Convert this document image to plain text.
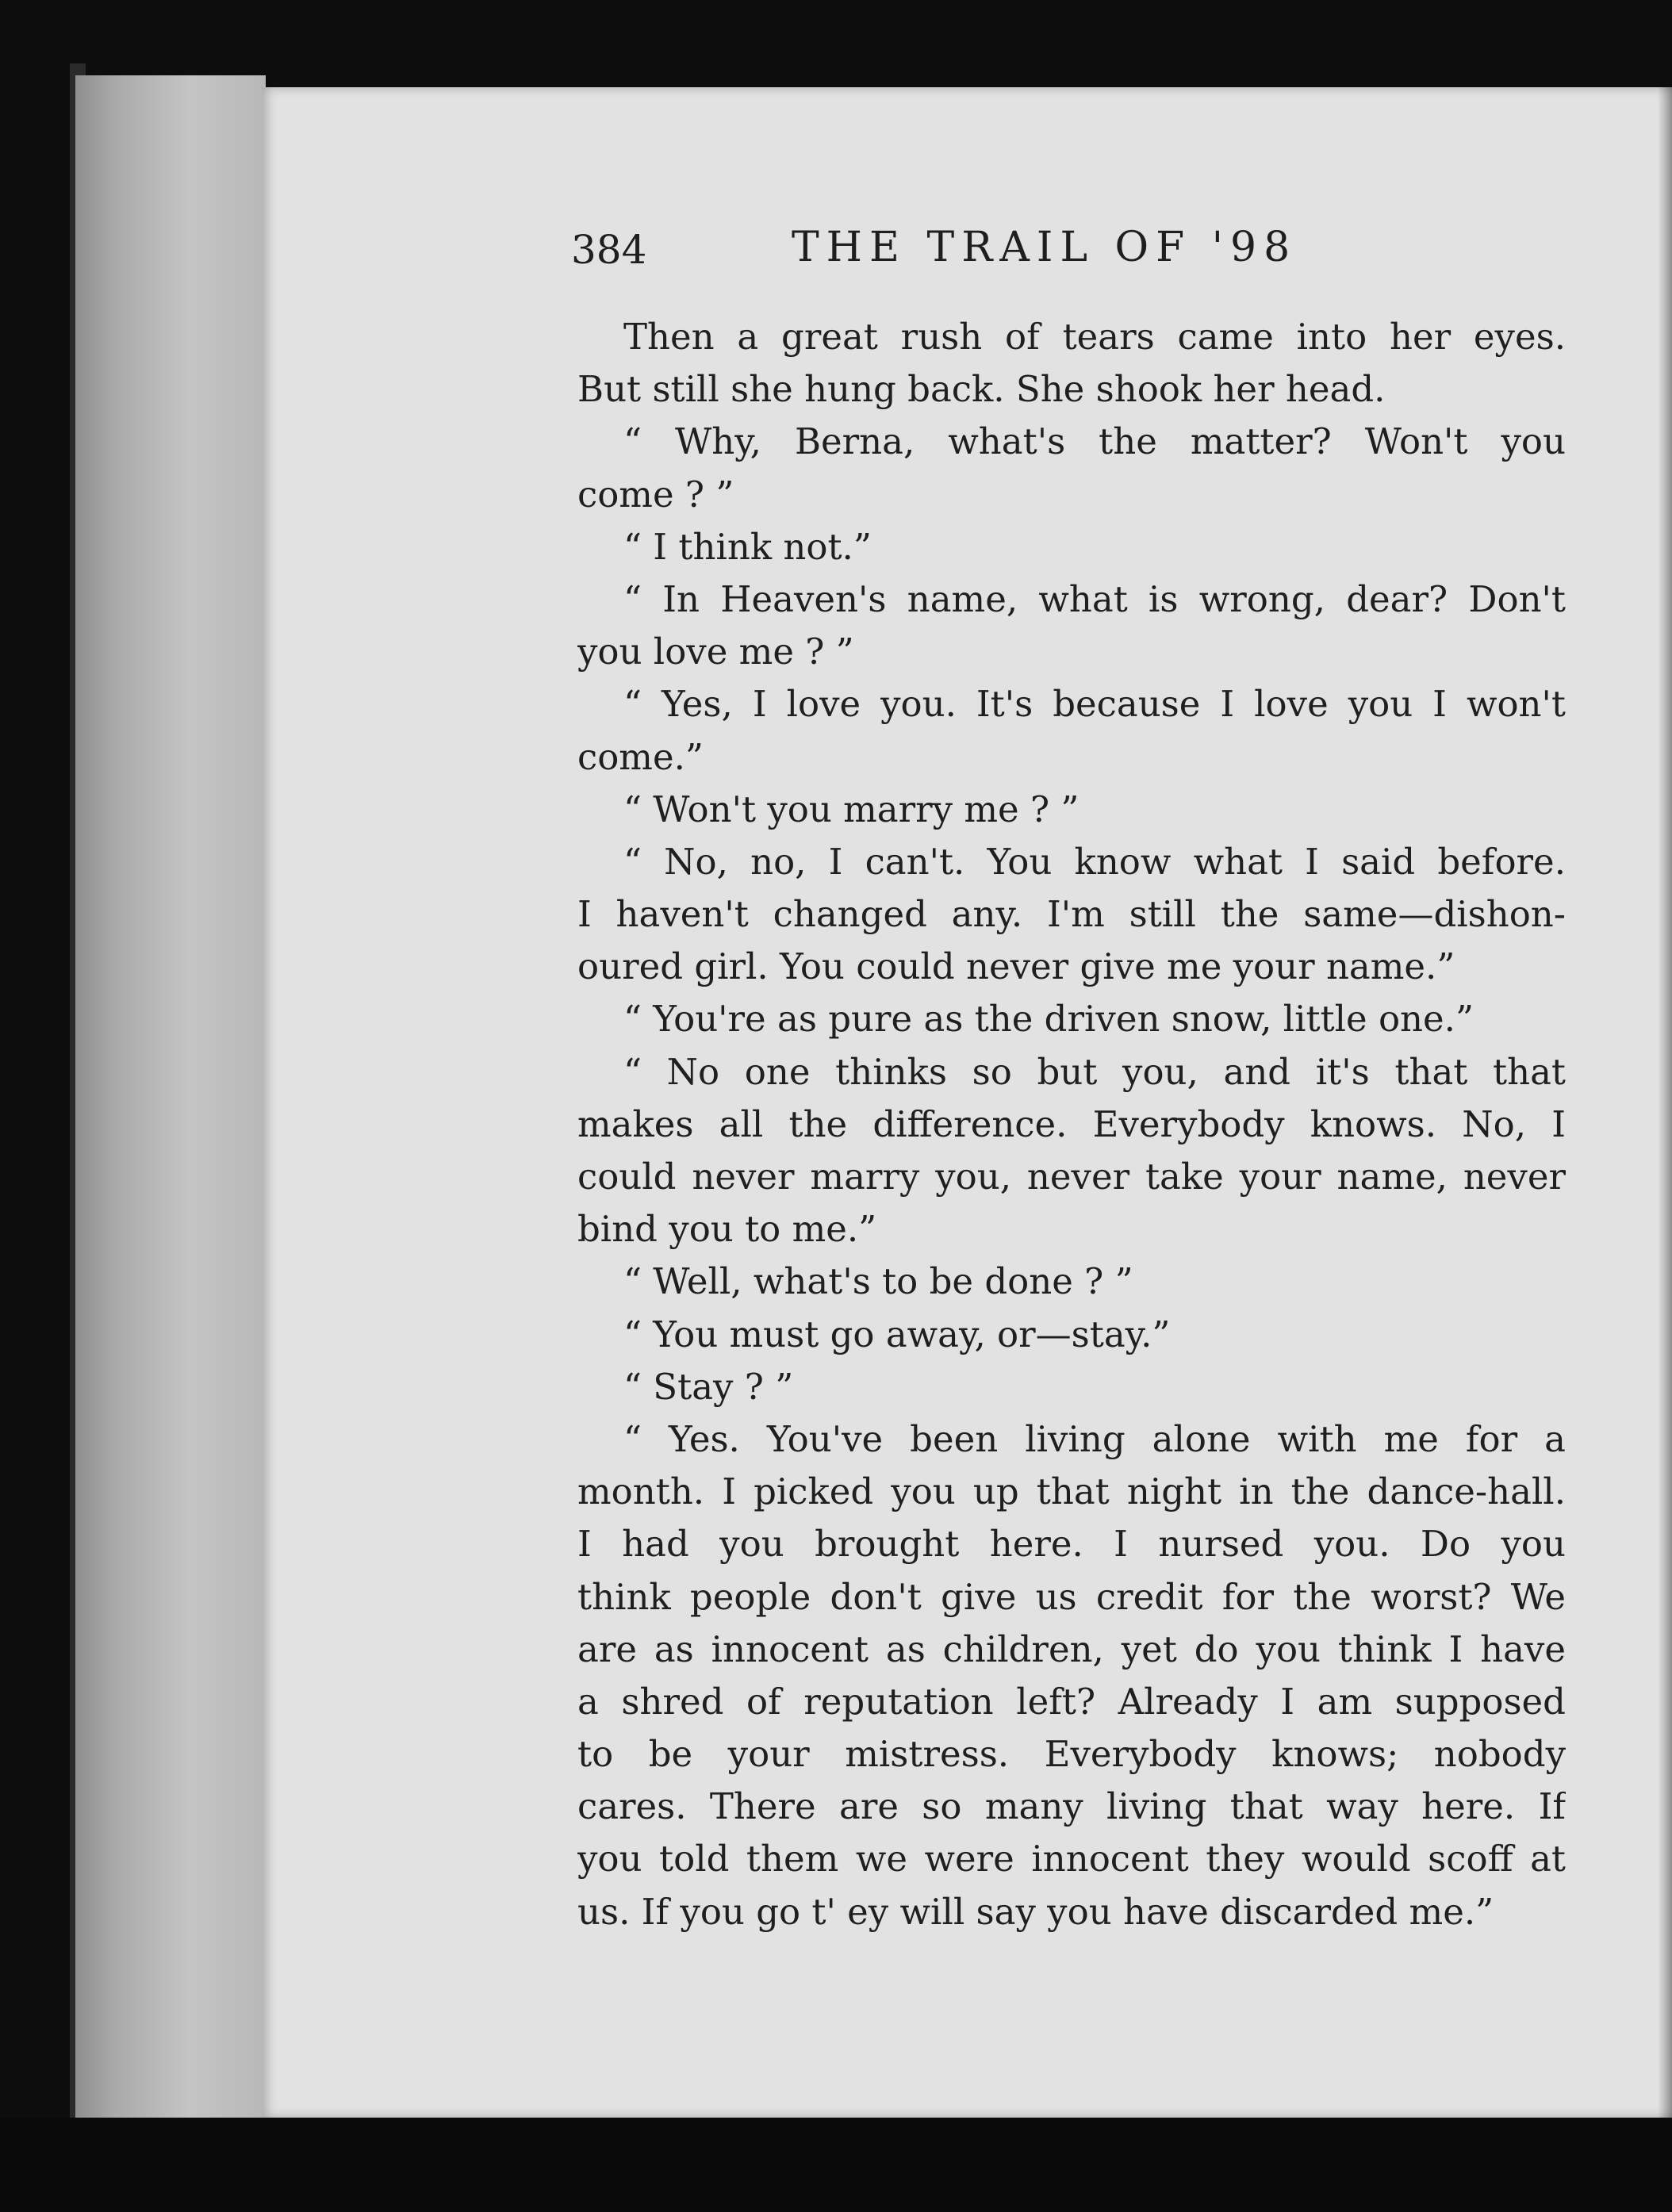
384	THE TRAIL OF '98
Then a great rush of tears came into her eyes.
But still she hung back. She shook her head.
“ Why, Berna, what's the matter? Won't you
come ? ”
“ I think not.”
“ In Heaven's name, what is wrong, dear? Don't
you love me ? ”
“ Yes, I love you. It's because I love you I won't
come.”
“ Won't you marry me ? ”
“ No, no, I can't. You know what I said before.
I haven't changed any. I'm still the same—dishon-
oured girl. You could never give me your name.”
“ You're as pure as the driven snow, little one.”
“ No one thinks so but you, and it's that that
makes all the difference. Everybody knows. No, I
could never marry you, never take your name, never
bind you to me.”
“ Well, what's to be done ? ”
“ You must go away, or—stay.”
“ Stay ? ”
“ Yes. You've been living alone with me for a
month. I picked you up that night in the dance-hall.
I had you brought here. I nursed you. Do you
think people don't give us credit for the worst? We
are as innocent as children, yet do you think I have
a shred of reputation left? Already I am supposed
to be your mistress. Everybody knows; nobody
cares. There are so many living that way here. If
you told them we were innocent they would scoff at
us. If you go t' ey will say you have discarded me.”
